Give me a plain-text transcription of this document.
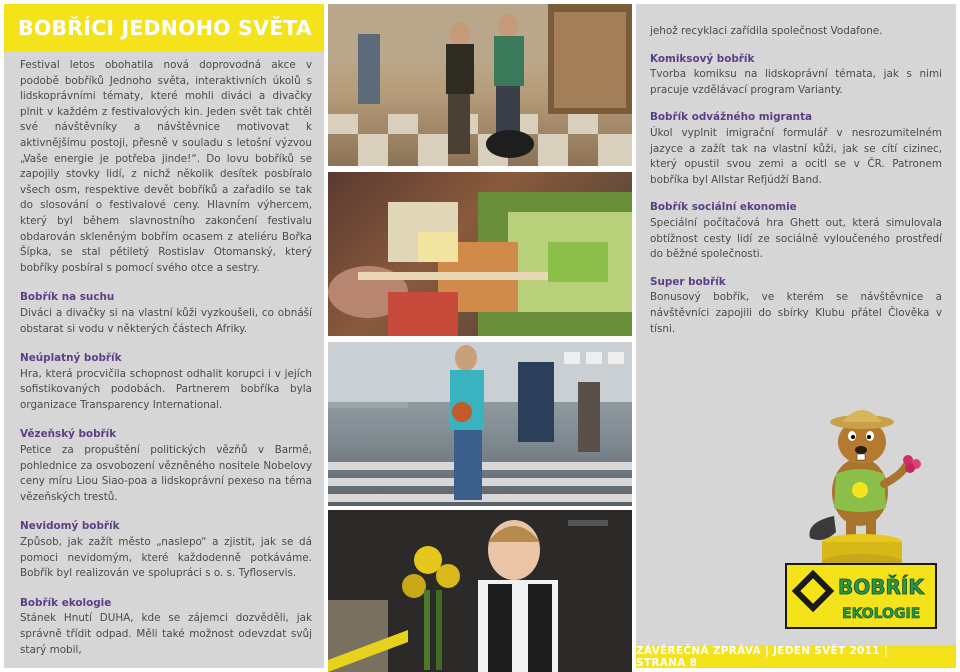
BOBŘÍCI JEDNOHO SVĚTA

Festival letos obohatila nová doprovodná akce v podobě bobříků Jednoho světa, interaktivních úkolů s lidskoprávními tématy, které mohli diváci a divačky plnit v každém z festivalových kin. Jeden svět tak chtěl své návštěvníky a návštěvnice motivovat k aktivnějšímu postoji, přesně v souladu s letošní výzvou „Vaše energie je potřeba jinde!“. Do lovu bobříků se zapojily stovky lidí, z nichž několik desítek posbíralo všech osm, respektive devět bobříků a zařadilo se tak do slosování o festivalové ceny. Hlavním výhercem, který byl během slavnostního zakončení festivalu obdarován skleněným bobřím ocasem z ateliéru Bořka Šípka, se stal pětiletý Rostislav Otomanský, který bobříky posbíral s pomocí svého otce a sestry.

Bobřík na suchu

Diváci a divačky si na vlastní kůži vyzkoušeli, co obnáší obstarat si vodu v některých částech Afriky.

Neúplatný bobřík

Hra, která procvičila schopnost odhalit korupci i v jejích sofistikovaných podobách. Partnerem bobříka byla organizace Transparency International.

Vězeňský bobřík

Petice za propuštění politických vězňů v Barmě, pohlednice za osvobození vězněného nositele Nobelovy ceny míru Liou Siao-poa a lidskoprávní pexeso na téma vězeňských trestů.

Nevidomý bobřík

Způsob, jak zažít město „naslepo“ a zjistit, jak se dá pomoci nevidomým, které každodenně potkáváme. Bobřík byl realizován ve spolupráci s o. s. Tyfloservis.

Bobřík ekologie

Stánek Hnutí DUHA, kde se zájemci dozvěděli, jak správně třídit odpad. Měli také možnost odevzdat svůj starý mobil,

jehož recyklaci zařídila společnost Vodafone.

Komiksový bobřík

Tvorba komiksu na lidskoprávní témata, jak s nimi pracuje vzdělávací program Varianty.

Bobřík odvážného migranta

Úkol vyplnit imigrační formulář v nesrozumitelném jazyce a zažít tak na vlastní kůži, jak se cítí cizinec, který opustil svou zemi a ocitl se v ČR. Patronem bobříka byl Allstar Refjúdží Band.

Bobřík sociální ekonomie

Speciální počítačová hra Ghett out, která simulovala obtížnost cesty lidí ze sociálně vyloučeného prostředí do běžné společnosti.

Super bobřík

Bonusový bobřík, ve kterém se návštěvnice a návštěvníci zapojili do sbírky Klubu přátel Člověka v tísni.

BOBŘÍK
EKOLOGIE
ZÁVĚREČNÁ ZPRÁVA | JEDEN SVĚT 2011 | STRANA 8
